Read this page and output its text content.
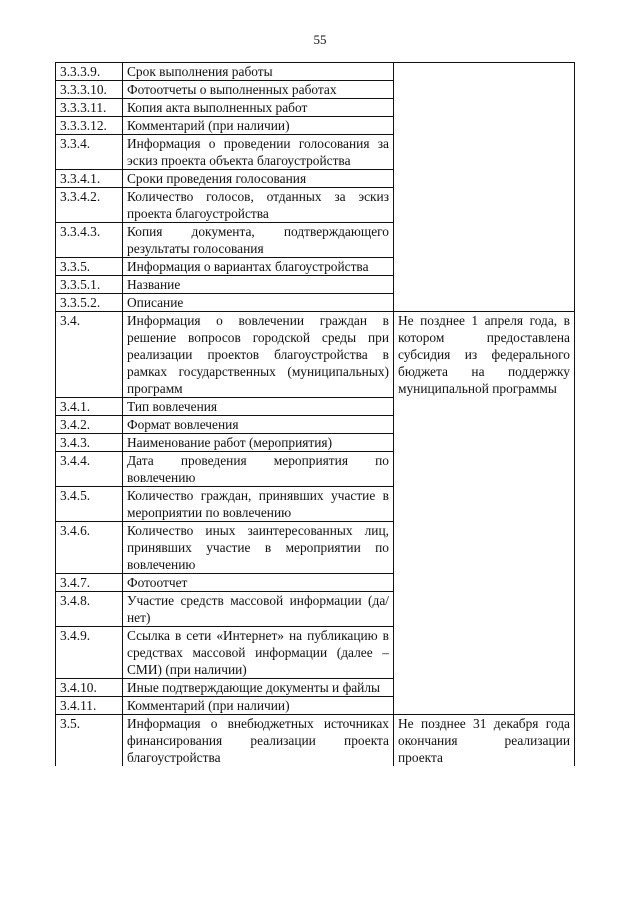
55
3.3.3.9.	Срок выполнения работы	
3.3.3.10.	Фотоотчеты о выполненных работах	
3.3.3.11.	Копия акта выполненных работ	
3.3.3.12.	Комментарий (при наличии)	
3.3.4.	Информация о проведении голосования за эскиз проекта объекта благоустройства	
3.3.4.1.	Сроки проведения голосования	
3.3.4.2.	Количество голосов, отданных за эскиз проекта благоустройства	
3.3.4.3.	Копия документа, подтверждающего результаты голосования	
3.3.5.	Информация о вариантах благоустройства	
3.3.5.1.	Название	
3.3.5.2.	Описание	
3.4.	Информация о вовлечении граждан в решение вопросов городской среды при реализации проектов благоустройства в рамках государственных (муниципальных) программ	Не позднее 1 апреля года, в котором предоставлена субсидия из федерального бюджета на поддержку муниципальной программы
3.4.1.	Тип вовлечения	
3.4.2.	Формат вовлечения	
3.4.3.	Наименование работ (мероприятия)	
3.4.4.	Дата проведения мероприятия по вовлечению	
3.4.5.	Количество граждан, принявших участие в мероприятии по вовлечению	
3.4.6.	Количество иных заинтересованных лиц, принявших участие в мероприятии по вовлечению	
3.4.7.	Фотоотчет	
3.4.8.	Участие средств массовой информации (да/нет)	
3.4.9.	Ссылка в сети «Интернет» на публикацию в средствах массовой информации (далее – СМИ) (при наличии)	
3.4.10.	Иные подтверждающие документы и файлы	
3.4.11.	Комментарий (при наличии)	
3.5.	Информация о внебюджетных источниках финансирования реализации проекта благоустройства	Не позднее 31 декабря года окончания реализации проекта
